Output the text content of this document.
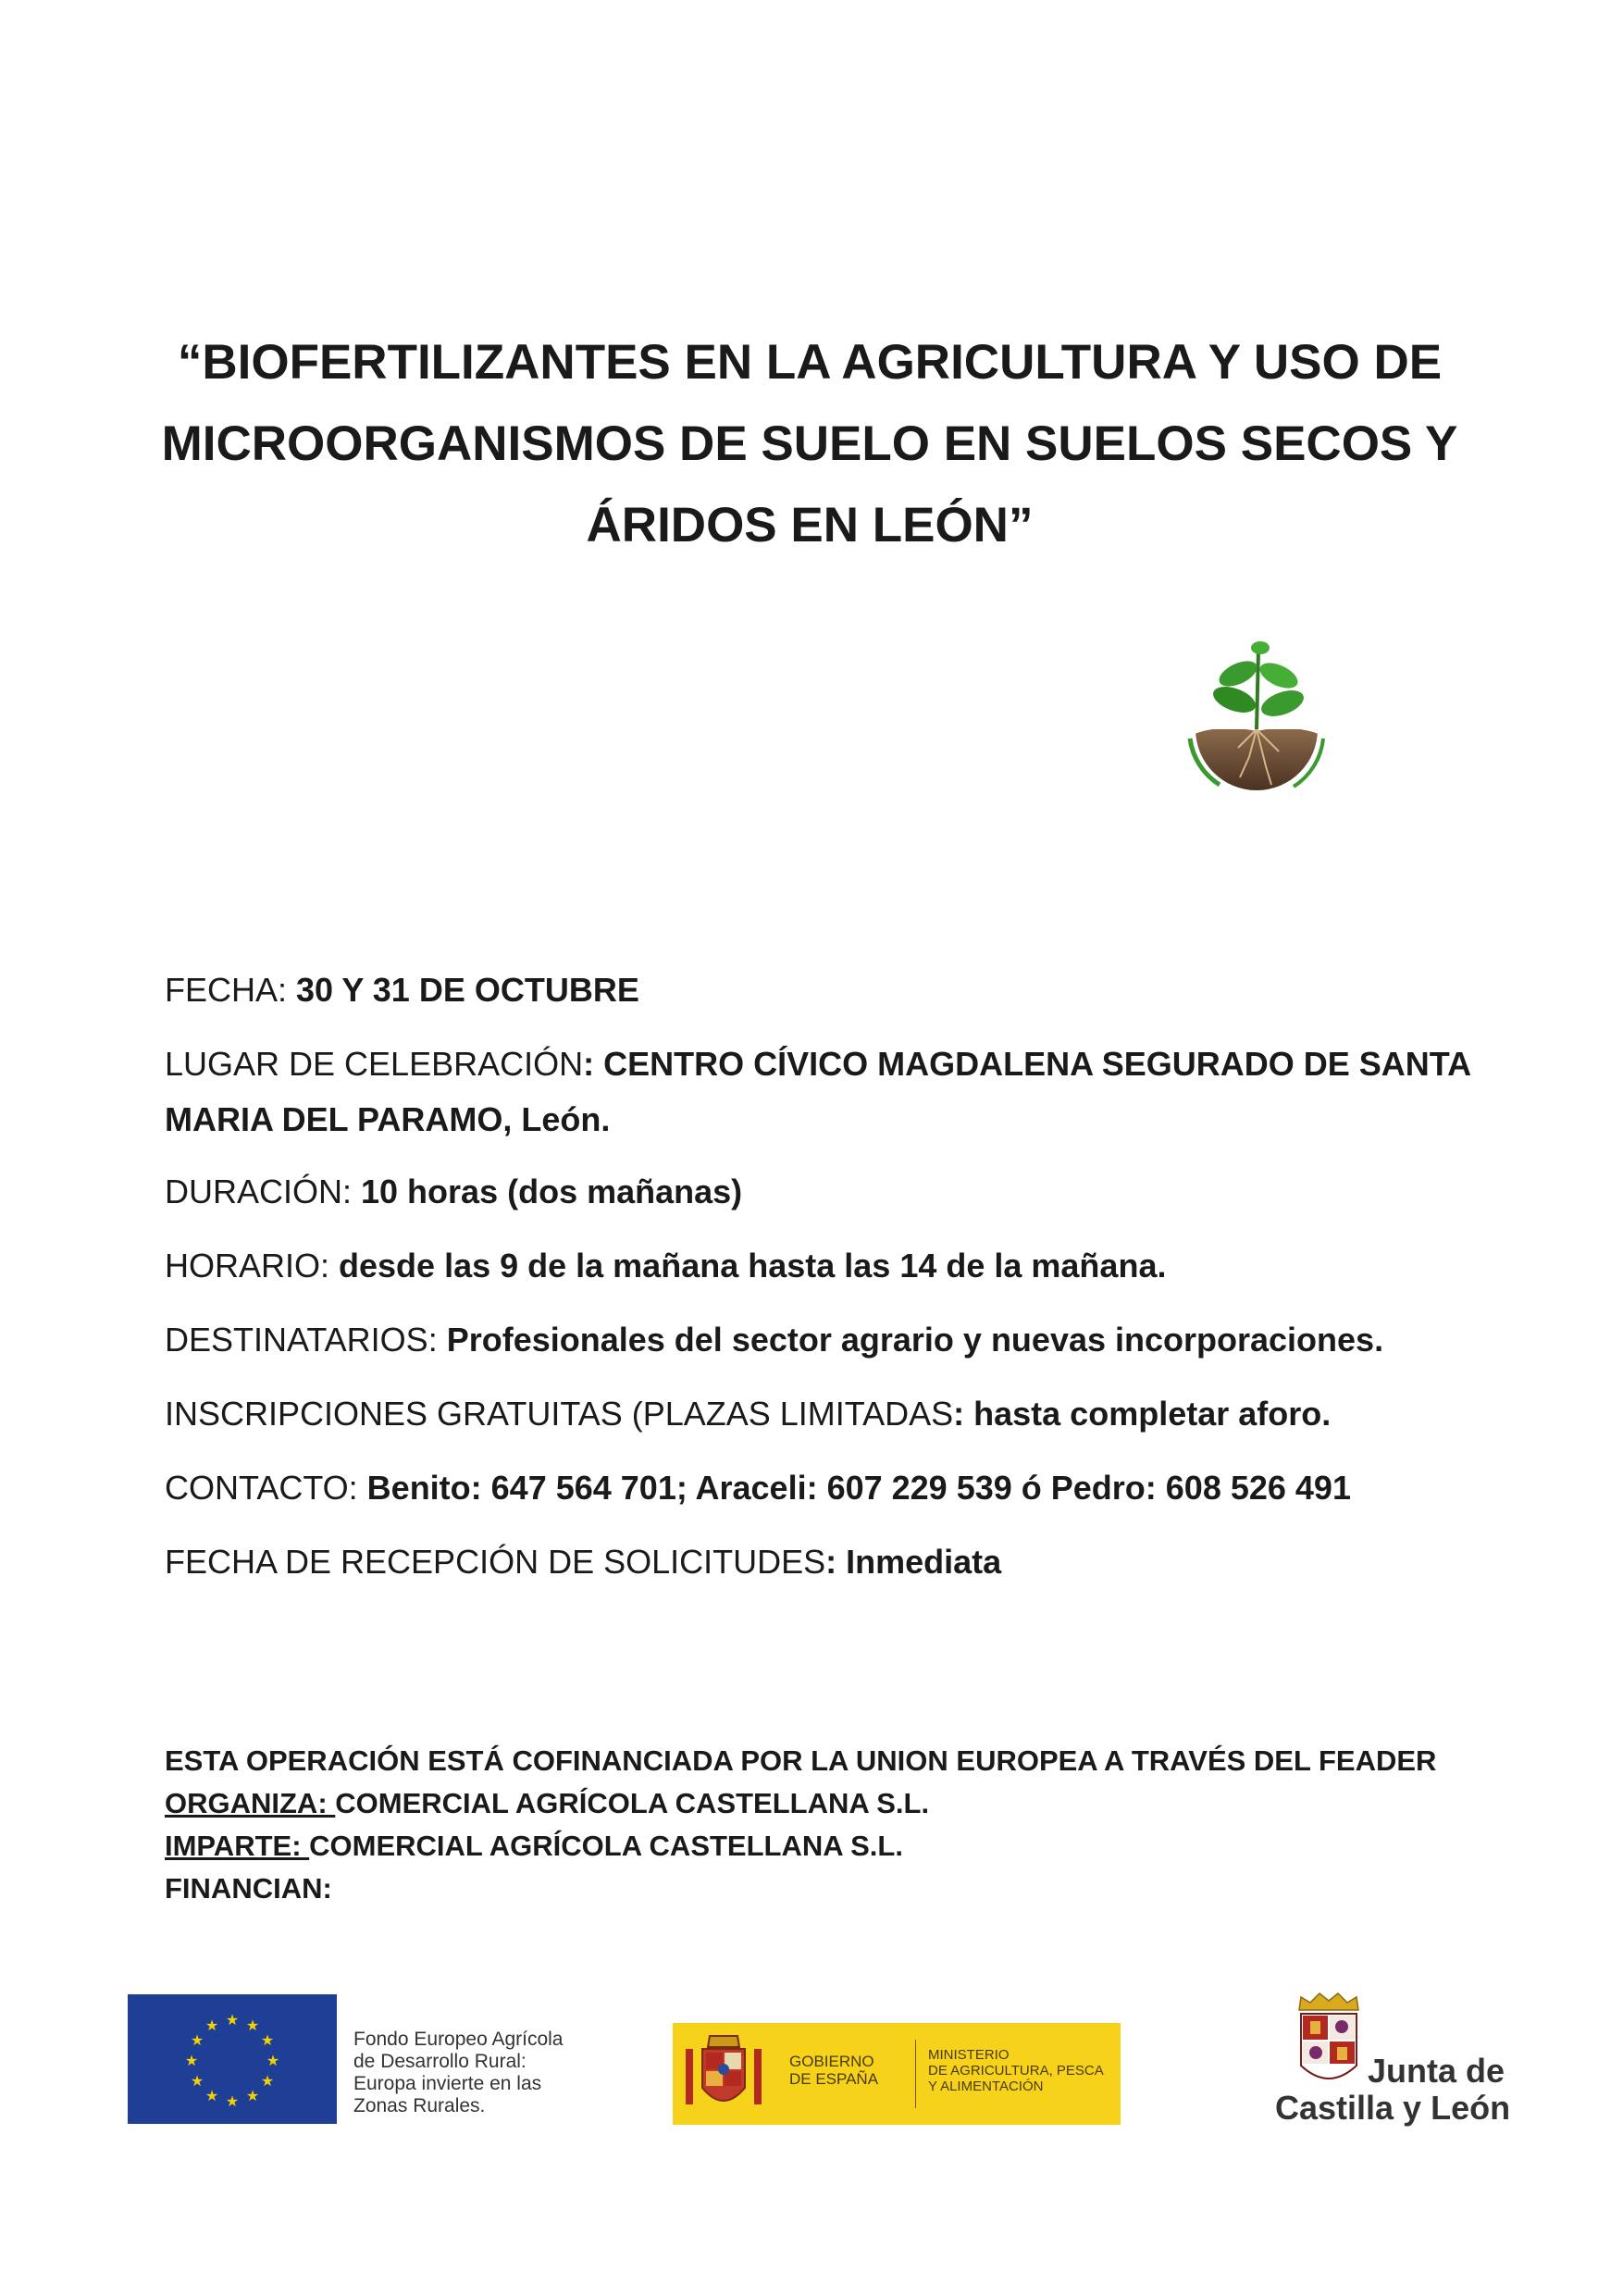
“BIOFERTILIZANTES EN LA AGRICULTURA Y USO DE
MICROORGANISMOS DE SUELO EN SUELOS SECOS Y
ÁRIDOS EN LEÓN”
FECHA: 30 Y 31 DE OCTUBRE
LUGAR DE CELEBRACIÓN: CENTRO CÍVICO MAGDALENA SEGURADO DE SANTA
MARIA DEL PARAMO, León.
DURACIÓN: 10 horas (dos mañanas)
HORARIO: desde las 9 de la mañana hasta las 14 de la mañana.
DESTINATARIOS: Profesionales del sector agrario y nuevas incorporaciones.
INSCRIPCIONES GRATUITAS (PLAZAS LIMITADAS: hasta completar aforo.
CONTACTO: Benito: 647 564 701; Araceli: 607 229 539 ó Pedro: 608 526 491
FECHA DE RECEPCIÓN DE SOLICITUDES: Inmediata
ESTA OPERACIÓN ESTÁ COFINANCIADA POR LA UNION EUROPEA A TRAVÉS DEL FEADER
ORGANIZA: COMERCIAL AGRÍCOLA CASTELLANA S.L.
IMPARTE: COMERCIAL AGRÍCOLA CASTELLANA S.L.
FINANCIAN:
★ ★
★
★
★
★
★
★
★
★
★
★
Fondo Europeo Agrícola
de Desarrollo Rural:
Europa invierte en las
Zonas Rurales.
GOBIERNO
DE ESPAÑA
MINISTERIO
DE AGRICULTURA, PESCA
Y ALIMENTACIÓN	Junta de
Castilla y León
